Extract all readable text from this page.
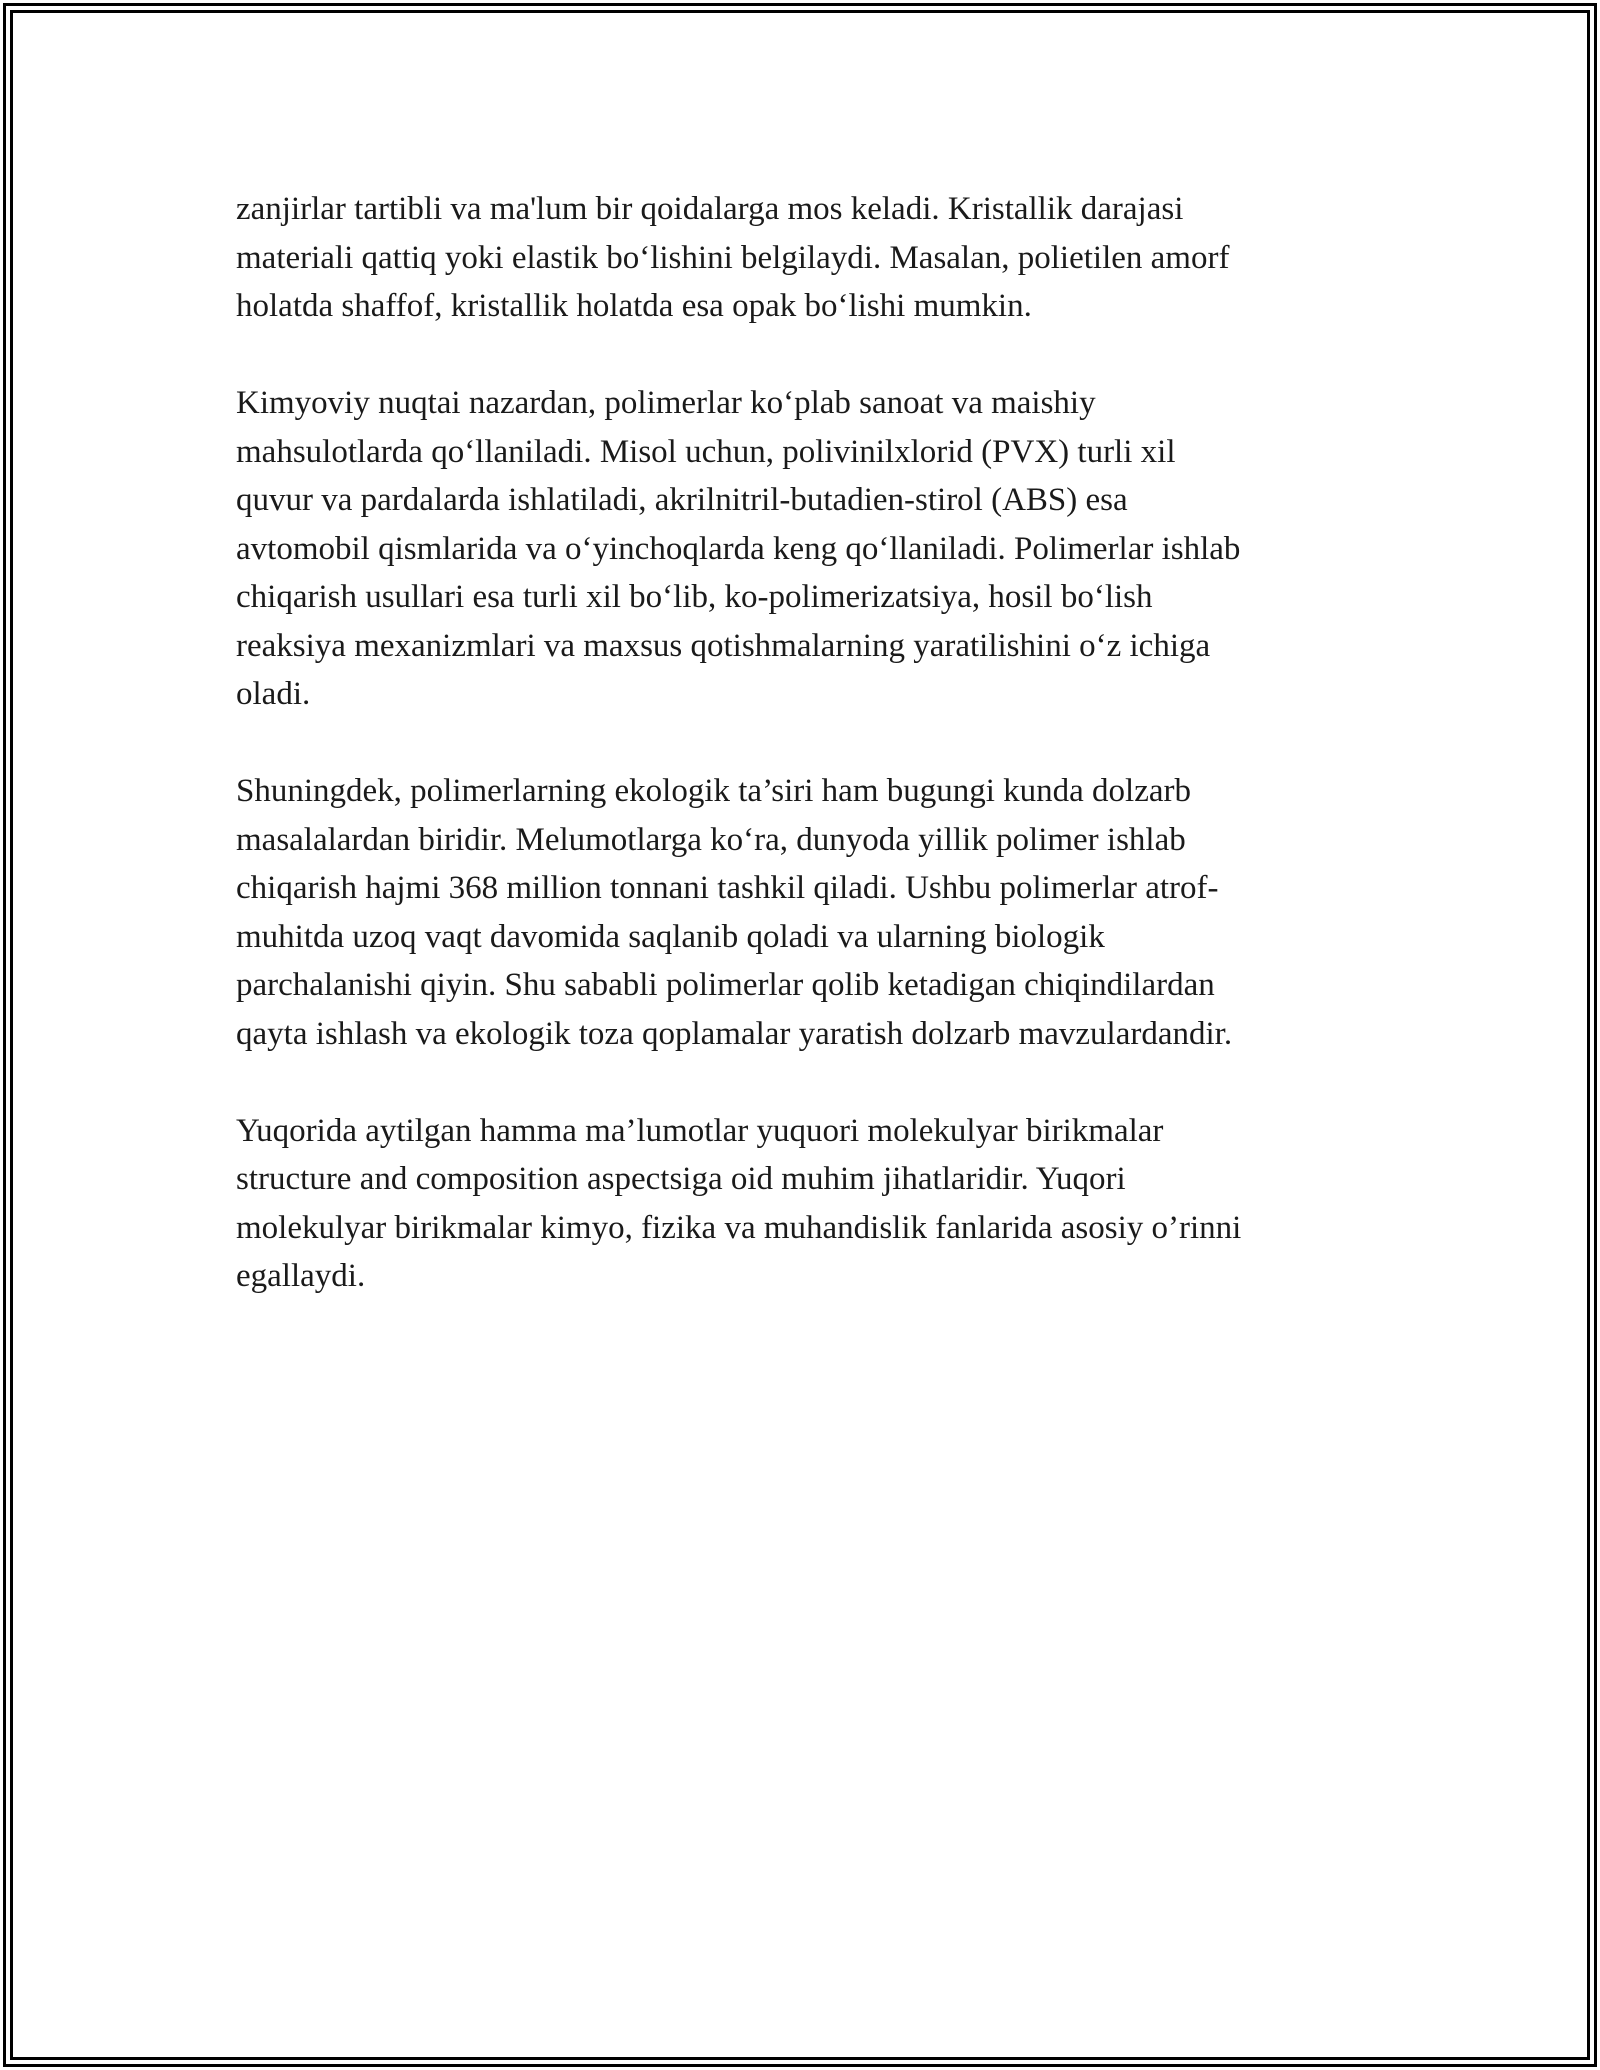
zanjirlar tartibli va ma'lum bir qoidalarga mos keladi. Kristallik darajasi
materiali qattiq yoki elastik bo‘lishini belgilaydi. Masalan, polietilen amorf
holatda shaffof, kristallik holatda esa opak bo‘lishi mumkin.

Kimyoviy nuqtai nazardan, polimerlar ko‘plab sanoat va maishiy
mahsulotlarda qo‘llaniladi. Misol uchun, polivinilxlorid (PVX) turli xil
quvur va pardalarda ishlatiladi, akrilnitril-butadien-stirol (ABS) esa
avtomobil qismlarida va o‘yinchoqlarda keng qo‘llaniladi. Polimerlar ishlab
chiqarish usullari esa turli xil bo‘lib, ko-polimerizatsiya, hosil bo‘lish
reaksiya mexanizmlari va maxsus qotishmalarning yaratilishini o‘z ichiga
oladi.

Shuningdek, polimerlarning ekologik ta’siri ham bugungi kunda dolzarb
masalalardan biridir. Melumotlarga ko‘ra, dunyoda yillik polimer ishlab
chiqarish hajmi 368 million tonnani tashkil qiladi. Ushbu polimerlar atrof-
muhitda uzoq vaqt davomida saqlanib qoladi va ularning biologik
parchalanishi qiyin. Shu sababli polimerlar qolib ketadigan chiqindilardan
qayta ishlash va ekologik toza qoplamalar yaratish dolzarb mavzulardandir.

Yuqorida aytilgan hamma ma’lumotlar yuquori molekulyar birikmalar
structure and composition aspectsiga oid muhim jihatlaridir. Yuqori
molekulyar birikmalar kimyo, fizika va muhandislik fanlarida asosiy o’rinni
egallaydi.
